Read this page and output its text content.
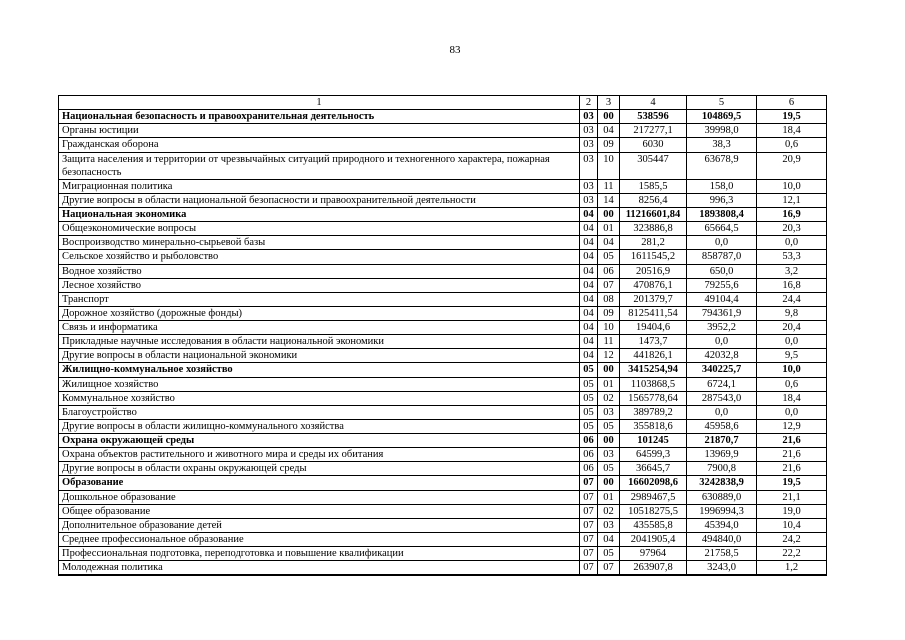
83
1	2	3	4	5	6
Национальная безопасность и правоохранительная деятельность	03	00	538596	104869,5	19,5
Органы юстиции	03	04	217277,1	39998,0	18,4
Гражданская оборона	03	09	6030	38,3	0,6
Защита населения и территории от чрезвычайных ситуаций природного и техногенного характера, пожарная безопасность	03	10	305447	63678,9	20,9
Миграционная политика	03	11	1585,5	158,0	10,0
Другие вопросы в области национальной безопасности и правоохранительной деятельности	03	14	8256,4	996,3	12,1
Национальная экономика	04	00	11216601,84	1893808,4	16,9
Общеэкономические вопросы	04	01	323886,8	65664,5	20,3
Воспроизводство минерально-сырьевой базы	04	04	281,2	0,0	0,0
Сельское хозяйство и рыболовство	04	05	1611545,2	858787,0	53,3
Водное хозяйство	04	06	20516,9	650,0	3,2
Лесное хозяйство	04	07	470876,1	79255,6	16,8
Транспорт	04	08	201379,7	49104,4	24,4
Дорожное хозяйство (дорожные фонды)	04	09	8125411,54	794361,9	9,8
Связь и информатика	04	10	19404,6	3952,2	20,4
Прикладные научные исследования в области национальной экономики	04	11	1473,7	0,0	0,0
Другие вопросы в области национальной экономики	04	12	441826,1	42032,8	9,5
Жилищно-коммунальное хозяйство	05	00	3415254,94	340225,7	10,0
Жилищное хозяйство	05	01	1103868,5	6724,1	0,6
Коммунальное хозяйство	05	02	1565778,64	287543,0	18,4
Благоустройство	05	03	389789,2	0,0	0,0
Другие вопросы в области жилищно-коммунального хозяйства	05	05	355818,6	45958,6	12,9
Охрана окружающей среды	06	00	101245	21870,7	21,6
Охрана объектов растительного и животного мира и среды их обитания	06	03	64599,3	13969,9	21,6
Другие вопросы в области охраны окружающей среды	06	05	36645,7	7900,8	21,6
Образование	07	00	16602098,6	3242838,9	19,5
Дошкольное образование	07	01	2989467,5	630889,0	21,1
Общее образование	07	02	10518275,5	1996994,3	19,0
Дополнительное образование детей	07	03	435585,8	45394,0	10,4
Среднее профессиональное образование	07	04	2041905,4	494840,0	24,2
Профессиональная подготовка, переподготовка и повышение квалификации	07	05	97964	21758,5	22,2
Молодежная политика	07	07	263907,8	3243,0	1,2
